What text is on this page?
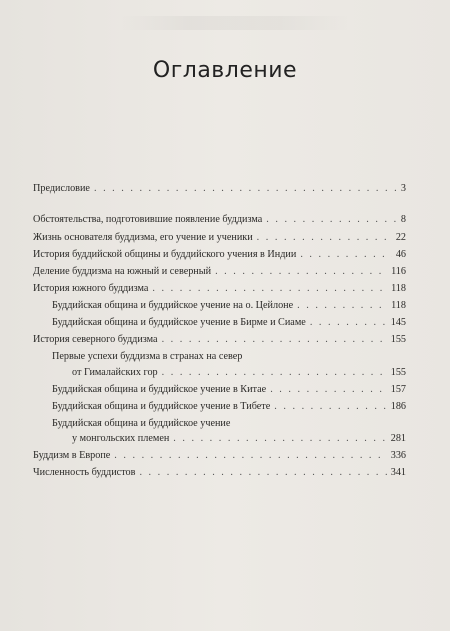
Оглавление
Предисловие . . .	3
Обстоятельства, подготовившие появление буддизма . . .	8
Жизнь основателя буддизма, его учение и ученики . . .	22
История буддийской общины и буддийского учения в Индии . . .	46
Деление буддизма на южный и северный . . .	116
История южного буддизма . . .	118
Буддийская община и буддийское учение на о. Цейлоне . . .	118
Буддийская община и буддийское учение в Бирме и Сиаме . . .	145
История северного буддизма . . .	155
Первые успехи буддизма в странах на север
от Гималайских гор . . .	155
Буддийская община и буддийское учение в Китае . . .	157
Буддийская община и буддийское учение в Тибете . . .	186
Буддийская община и буддийское учение
у монгольских племен . . .	281
Буддизм в Европе . . .	336
Численность буддистов . . .	341
